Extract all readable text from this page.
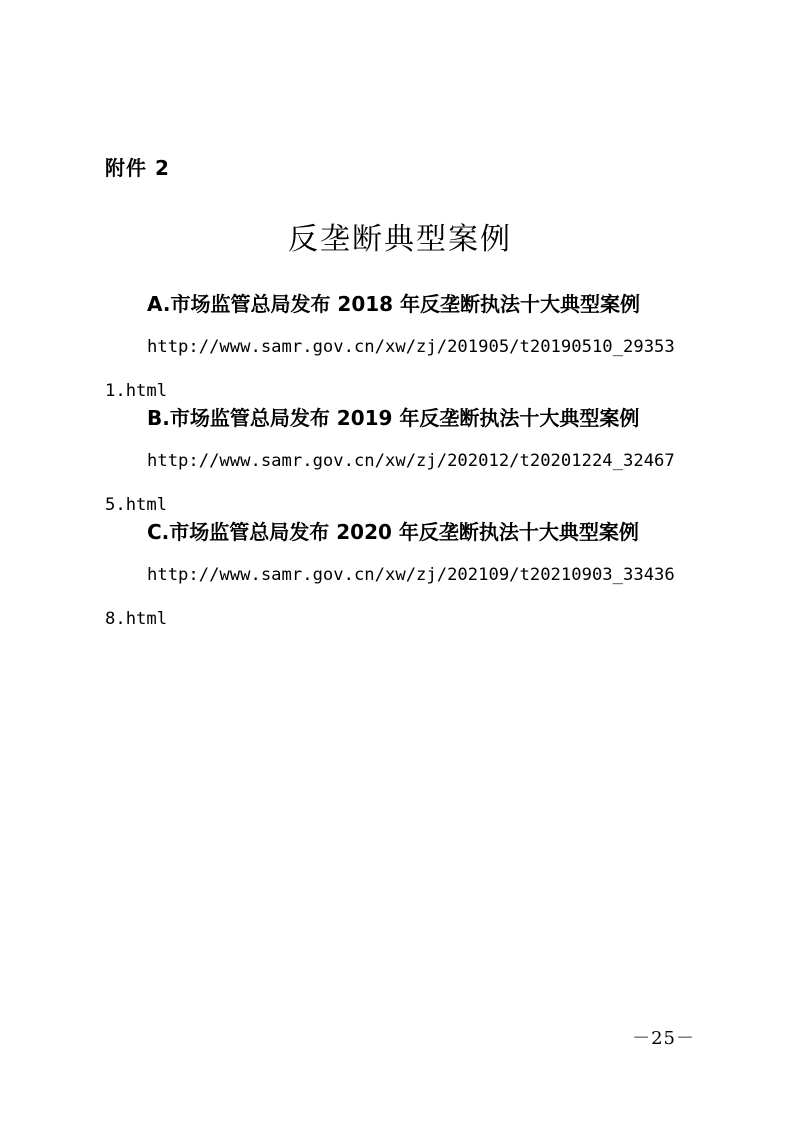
附件 2
反垄断典型案例
A.市场监管总局发布 2018 年反垄断执法十大典型案例
http://www.samr.gov.cn/xw/zj/201905/t20190510_29353
1.html
B.市场监管总局发布 2019 年反垄断执法十大典型案例
http://www.samr.gov.cn/xw/zj/202012/t20201224_32467
5.html
C.市场监管总局发布 2020 年反垄断执法十大典型案例
http://www.samr.gov.cn/xw/zj/202109/t20210903_33436
8.html
－25－
